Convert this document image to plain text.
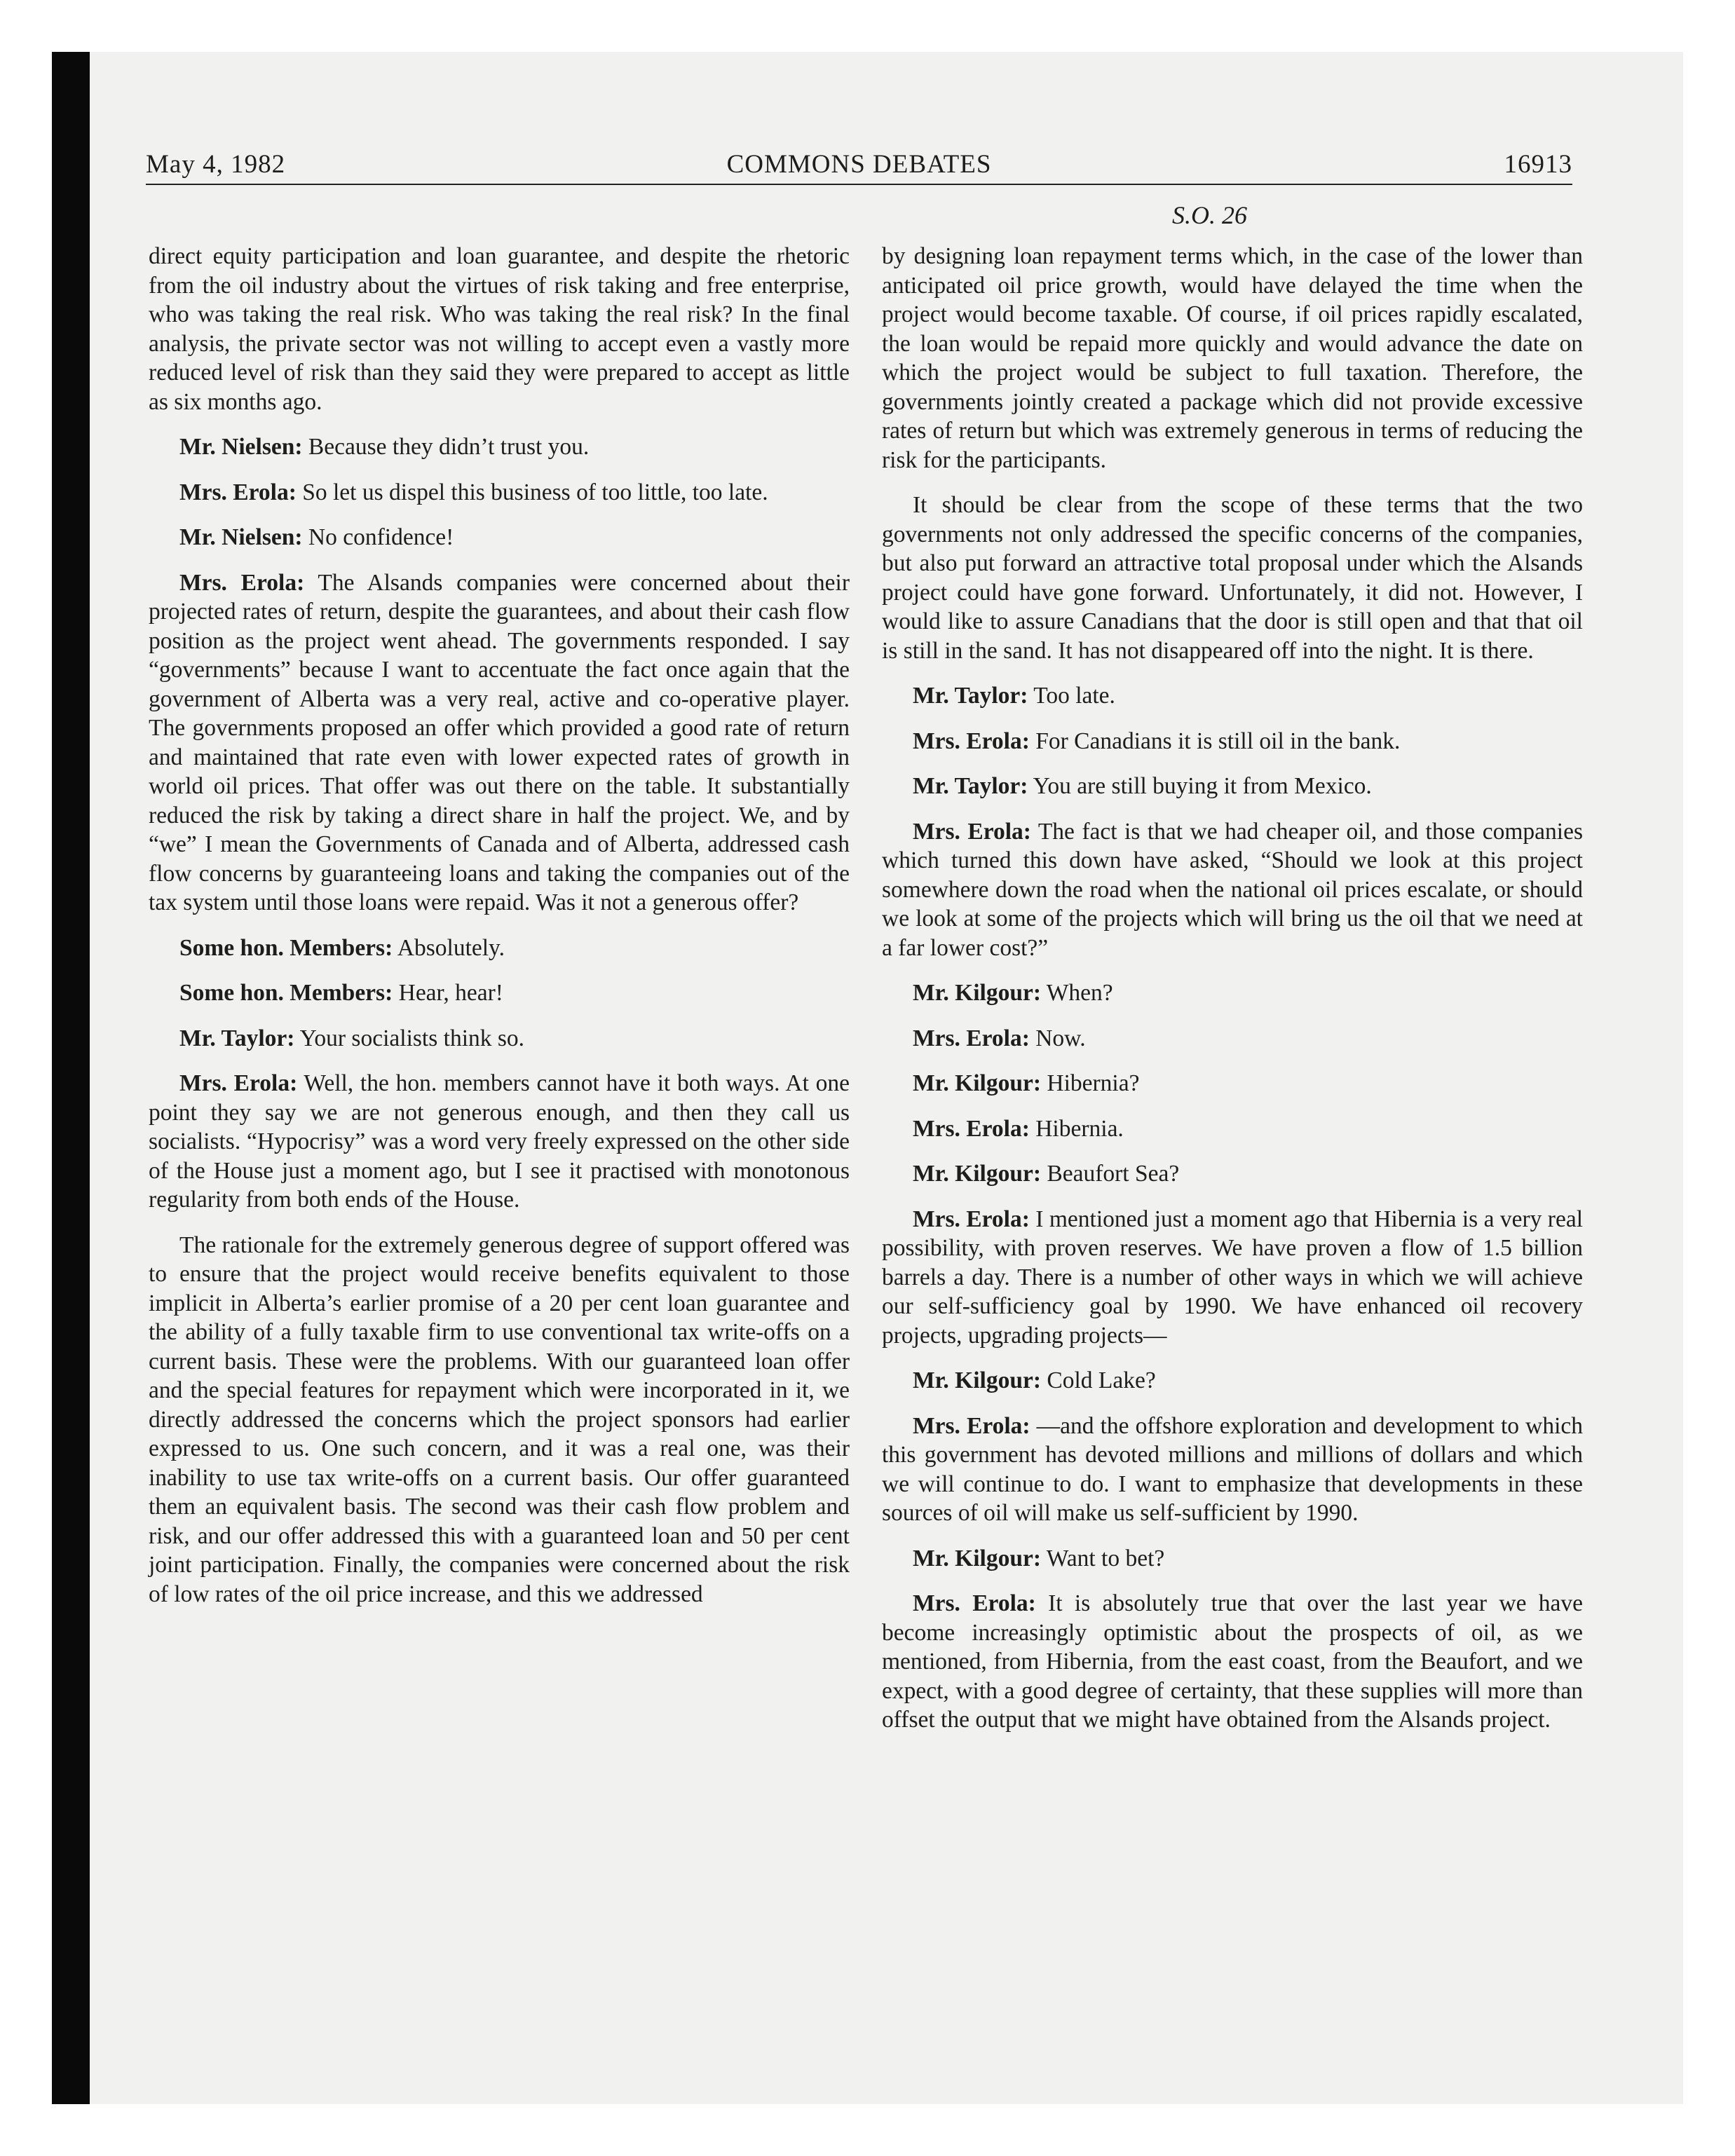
May 4, 1982	COMMONS DEBATES	16913
S.O. 26

direct equity participation and loan guarantee, and despite the rhetoric from the oil industry about the virtues of risk taking and free enterprise, who was taking the real risk. Who was taking the real risk? In the final analysis, the private sector was not willing to accept even a vastly more reduced level of risk than they said they were prepared to accept as little as six months ago.

Mr. Nielsen: Because they didn’t trust you.

Mrs. Erola: So let us dispel this business of too little, too late.

Mr. Nielsen: No confidence!

Mrs. Erola: The Alsands companies were concerned about their projected rates of return, despite the guarantees, and about their cash flow position as the project went ahead. The governments responded. I say “governments” because I want to accentuate the fact once again that the government of Alberta was a very real, active and co-operative player. The governments proposed an offer which provided a good rate of return and maintained that rate even with lower expected rates of growth in world oil prices. That offer was out there on the table. It substantially reduced the risk by taking a direct share in half the project. We, and by “we” I mean the Governments of Canada and of Alberta, addressed cash flow concerns by guaranteeing loans and taking the companies out of the tax system until those loans were repaid. Was it not a generous offer?

Some hon. Members: Absolutely.

Some hon. Members: Hear, hear!

Mr. Taylor: Your socialists think so.

Mrs. Erola: Well, the hon. members cannot have it both ways. At one point they say we are not generous enough, and then they call us socialists. “Hypocrisy” was a word very freely expressed on the other side of the House just a moment ago, but I see it practised with monotonous regularity from both ends of the House.

The rationale for the extremely generous degree of support offered was to ensure that the project would receive benefits equivalent to those implicit in Alberta’s earlier promise of a 20 per cent loan guarantee and the ability of a fully taxable firm to use conventional tax write-offs on a current basis. These were the problems. With our guaranteed loan offer and the special features for repayment which were incorporated in it, we directly addressed the concerns which the project sponsors had earlier expressed to us. One such concern, and it was a real one, was their inability to use tax write-offs on a current basis. Our offer guaranteed them an equivalent basis. The second was their cash flow problem and risk, and our offer addressed this with a guaranteed loan and 50 per cent joint participation. Finally, the companies were concerned about the risk of low rates of the oil price increase, and this we addressed

by designing loan repayment terms which, in the case of the lower than anticipated oil price growth, would have delayed the time when the project would become taxable. Of course, if oil prices rapidly escalated, the loan would be repaid more quickly and would advance the date on which the project would be subject to full taxation. Therefore, the governments jointly created a package which did not provide excessive rates of return but which was extremely generous in terms of reducing the risk for the participants.

It should be clear from the scope of these terms that the two governments not only addressed the specific concerns of the companies, but also put forward an attractive total proposal under which the Alsands project could have gone forward. Unfortunately, it did not. However, I would like to assure Canadians that the door is still open and that that oil is still in the sand. It has not disappeared off into the night. It is there.

Mr. Taylor: Too late.

Mrs. Erola: For Canadians it is still oil in the bank.

Mr. Taylor: You are still buying it from Mexico.

Mrs. Erola: The fact is that we had cheaper oil, and those companies which turned this down have asked, “Should we look at this project somewhere down the road when the national oil prices escalate, or should we look at some of the projects which will bring us the oil that we need at a far lower cost?”

Mr. Kilgour: When?

Mrs. Erola: Now.

Mr. Kilgour: Hibernia?

Mrs. Erola: Hibernia.

Mr. Kilgour: Beaufort Sea?

Mrs. Erola: I mentioned just a moment ago that Hibernia is a very real possibility, with proven reserves. We have proven a flow of 1.5 billion barrels a day. There is a number of other ways in which we will achieve our self-sufficiency goal by 1990. We have enhanced oil recovery projects, upgrading projects—

Mr. Kilgour: Cold Lake?

Mrs. Erola: —and the offshore exploration and development to which this government has devoted millions and millions of dollars and which we will continue to do. I want to emphasize that developments in these sources of oil will make us self-sufficient by 1990.

Mr. Kilgour: Want to bet?

Mrs. Erola: It is absolutely true that over the last year we have become increasingly optimistic about the prospects of oil, as we mentioned, from Hibernia, from the east coast, from the Beaufort, and we expect, with a good degree of certainty, that these supplies will more than offset the output that we might have obtained from the Alsands project.
